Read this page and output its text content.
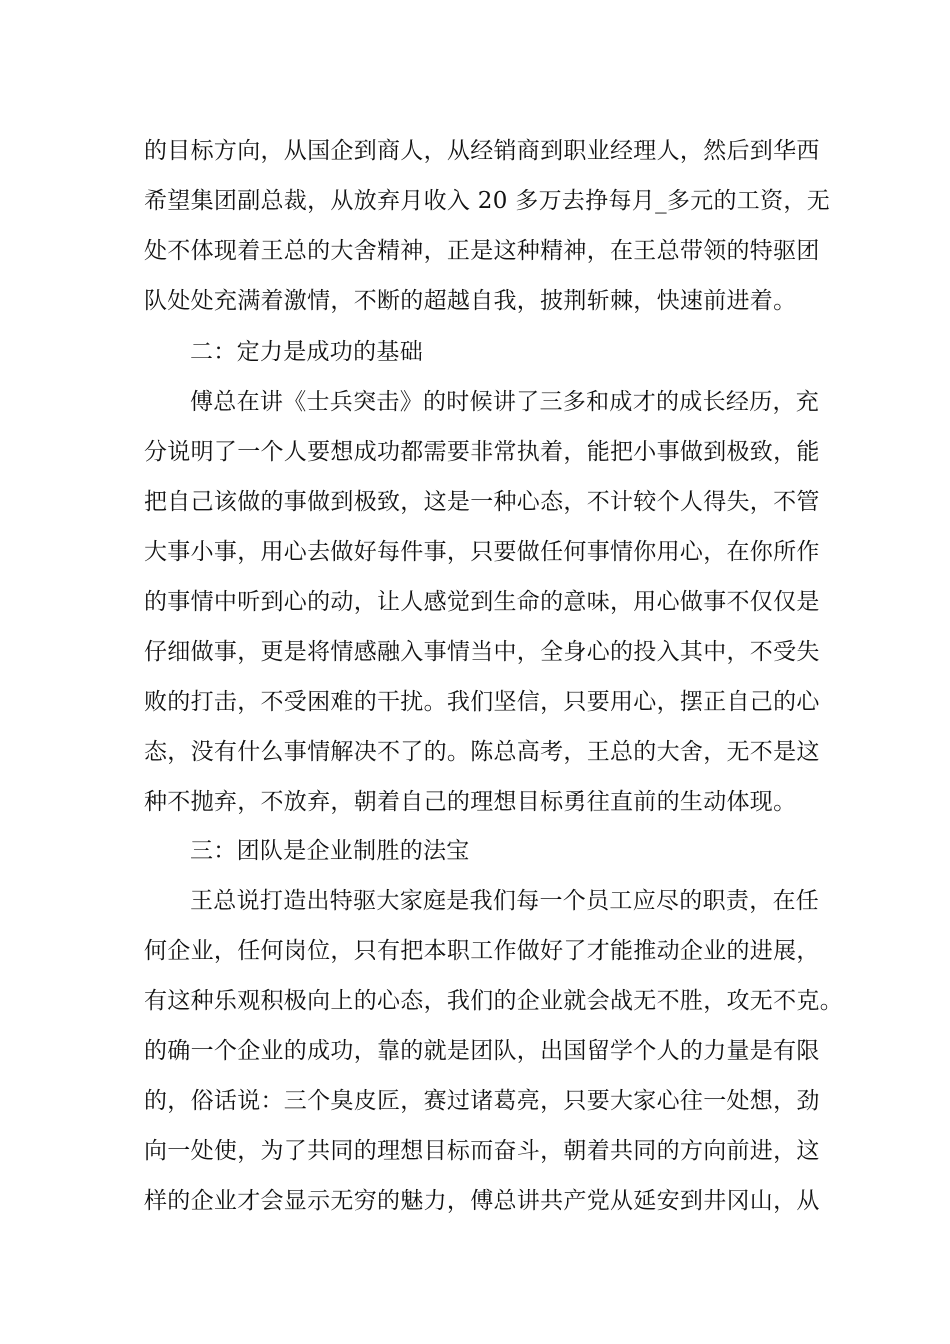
的目标方向，从国企到商人，从经销商到职业经理人，然后到华西
希望集团副总裁，从放弃月收入 20 多万去挣每月_多元的工资，无
处不体现着王总的大舍精神，正是这种精神，在王总带领的特驱团
队处处充满着激情，不断的超越自我，披荆斩棘，快速前进着。
二：定力是成功的基础
傅总在讲《士兵突击》的时候讲了三多和成才的成长经历，充
分说明了一个人要想成功都需要非常执着，能把小事做到极致，能
把自己该做的事做到极致，这是一种心态，不计较个人得失，不管
大事小事，用心去做好每件事，只要做任何事情你用心，在你所作
的事情中听到心的动，让人感觉到生命的意味，用心做事不仅仅是
仔细做事，更是将情感融入事情当中，全身心的投入其中，不受失
败的打击，不受困难的干扰。我们坚信，只要用心，摆正自己的心
态，没有什么事情解决不了的。陈总高考，王总的大舍，无不是这
种不抛弃，不放弃，朝着自己的理想目标勇往直前的生动体现。
三：团队是企业制胜的法宝
王总说打造出特驱大家庭是我们每一个员工应尽的职责，在任
何企业，任何岗位，只有把本职工作做好了才能推动企业的进展，
有这种乐观积极向上的心态，我们的企业就会战无不胜，攻无不克。
的确一个企业的成功，靠的就是团队，出国留学个人的力量是有限
的，俗话说：三个臭皮匠，赛过诸葛亮，只要大家心往一处想，劲
向一处使，为了共同的理想目标而奋斗，朝着共同的方向前进，这
样的企业才会显示无穷的魅力，傅总讲共产党从延安到井冈山，从
